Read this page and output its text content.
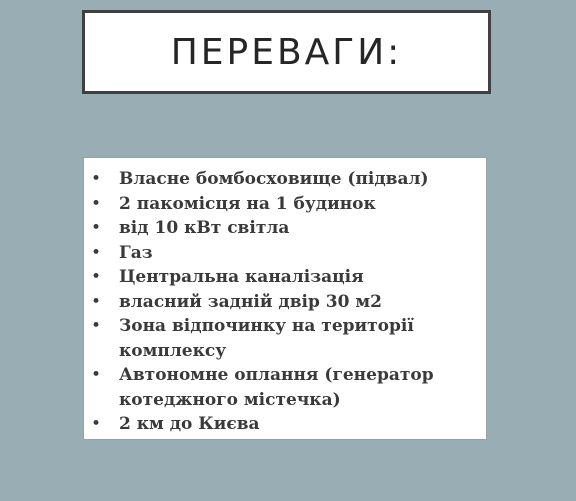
ПЕРЕВАГИ:
• Власне бомбосховище (підвал)
• 2 пакомісця на 1 будинок
• від 10 кВт світла
• Газ
• Центральна каналізація
• власний задній двір 30 м2
• Зона відпочинку на території комплексу
• Автономне оплання (генератор котеджного містечка)
• 2 км до Києва
